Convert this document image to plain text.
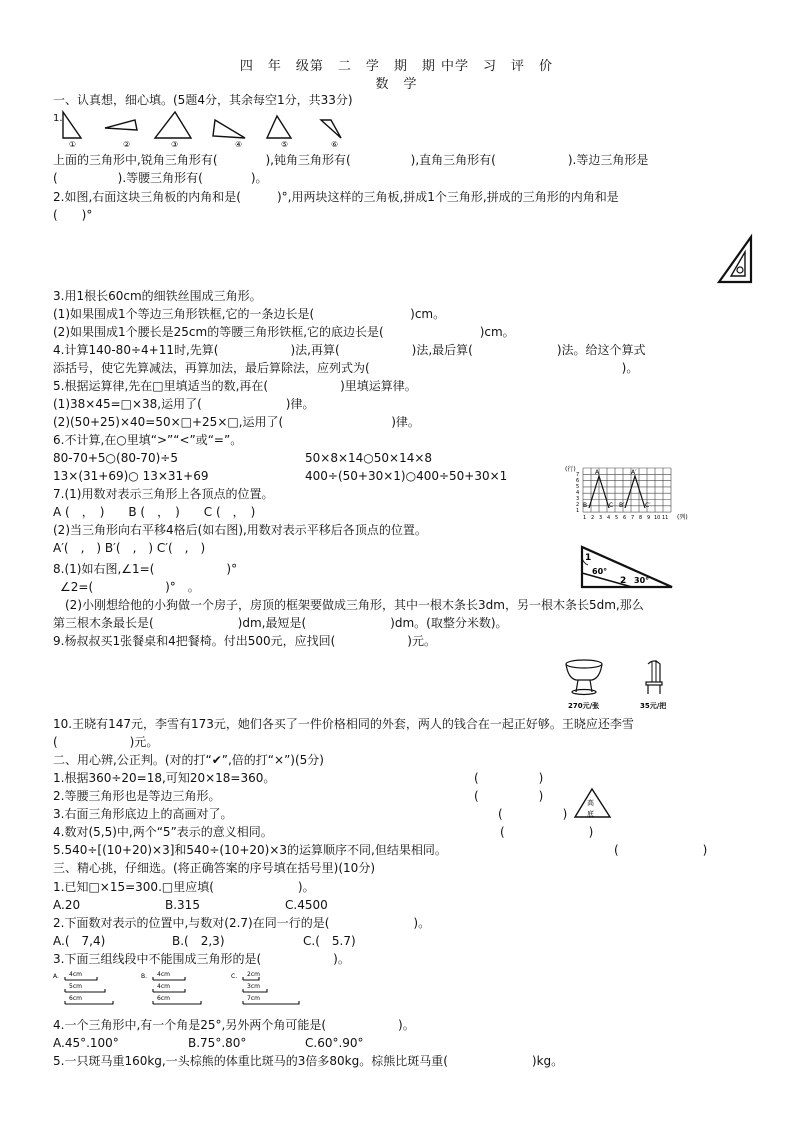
四　年　级第　二　学　期　期 中学　习　评　价
数　学
一、认真想，细心填。(5题4分，其余每空1分，共33分)
1.
①	②	③	④	⑤	⑥
上面的三角形中,锐角三角形有(　　　　),钝角三角形有(　　　　　),直角三角形有(　　　　　　).等边三角形是
(　　　　　).等腰三角形有(　　　　)。
2.如图,右面这块三角板的内角和是(　　　)°,用两块这样的三角板,拼成1个三角形,拼成的三角形的内角和是
(　　)°
3.用1根长60cm的细铁丝围成三角形。
(1)如果围成1个等边三角形铁框,它的一条边长是(　　　　　　　　)cm。
(2)如果围成1个腰长是25cm的等腰三角形铁框,它的底边长是(　　　　　　　　)cm。
4.计算140-80÷4+11时,先算(　　　　　　)法,再算(　　　　　　)法,最后算(　　　　　　　)法。给这个算式
添括号，使它先算减法，再算加法，最后算除法，应列式为(　　　　　　　　　　　　　　　　　　　　　)。
5.根据运算律,先在□里填适当的数,再在(　　　　　　)里填运算律。
(1)38×45=□×38,运用了(　　　　　　　)律。
(2)(50+25)×40=50×□+25×□,运用了(　　　　　　　　　)律。
6.不计算,在○里填“>”“<”或“=”。
80-70+5○(80-70)÷5	50×8×14○50×14×8
13×(31+69)○ 13×31+69	400÷(50+30×1)○400÷50+30×1
7.(1)用数对表示三角形上各顶点的位置。
A (　，　)　　B (　，　)　　C (　，　)
(2)当三角形向右平移4格后(如右图),用数对表示平移后各顶点的位置。
A′(　,　) B′(　,　) C′(　,　)
(行)
(列)
A
B	C
A′
B′	C′
1 2 3 4 5 6 7 8 9 10 11
1
2
3
4
5
6
7
1
60°
2 30°
8.(1)如右图,∠1=(　　　　　　)°
∠2=(　　　　　　)°　。
　(2)小刚想给他的小狗做一个房子，房顶的框架要做成三角形，其中一根木条长3dm，另一根木条长5dm,那么
第三根木条最长是(　　　　　　　)dm,最短是(　　　　　　　)dm。(取整分米数)。
9.杨叔叔买1张餐桌和4把餐椅。付出500元，应找回(　　　　　　)元。
270元/张	35元/把
10.王晓有147元，李雪有173元，她们各买了一件价格相同的外套，两人的钱合在一起正好够。王晓应还李雪
(　　　　　　)元。
二、用心辨,公正判。(对的打“✔”,倍的打“×”)(5分)
1.根据360÷20=18,可知20×18=360。	(　　　　　)
2.等腰三角形也是等边三角形。	(　　　　　)
3.右面三角形底边上的高画对了。	(　　　　　)
4.数对(5,5)中,两个“5”表示的意义相同。	(　　　　　　　)
5.540÷[(10+20)×3]和540÷(10+20)×3的运算顺序不同,但结果相同。	(　　　　　　　)
高
底
三、精心挑，仔细选。(将正确答案的序号填在括号里)(10分)
1.已知□×15=300.□里应填(　　　　　　　)。
A.20	B.315	C.4500
2.下面数对表示的位置中,与数对(2.7)在同一行的是(　　　　　　　)。
A.(　7,4)	B.(　2,3)	C.(　5.7)
3.下面三组线段中不能围成三角形的是(　　　　　　)。
A. 4cm
5cm
6cm
B. 4cm
4cm
6cm
C. 2cm
3cm
7cm
4.一个三角形中,有一个角是25°,另外两个角可能是(　　　　　　)。
A.45°.100°	B.75°.80°	C.60°.90°
5.一只斑马重160kg,一头棕熊的体重比斑马的3倍多80kg。棕熊比斑马重(　　　　　　　)kg。
